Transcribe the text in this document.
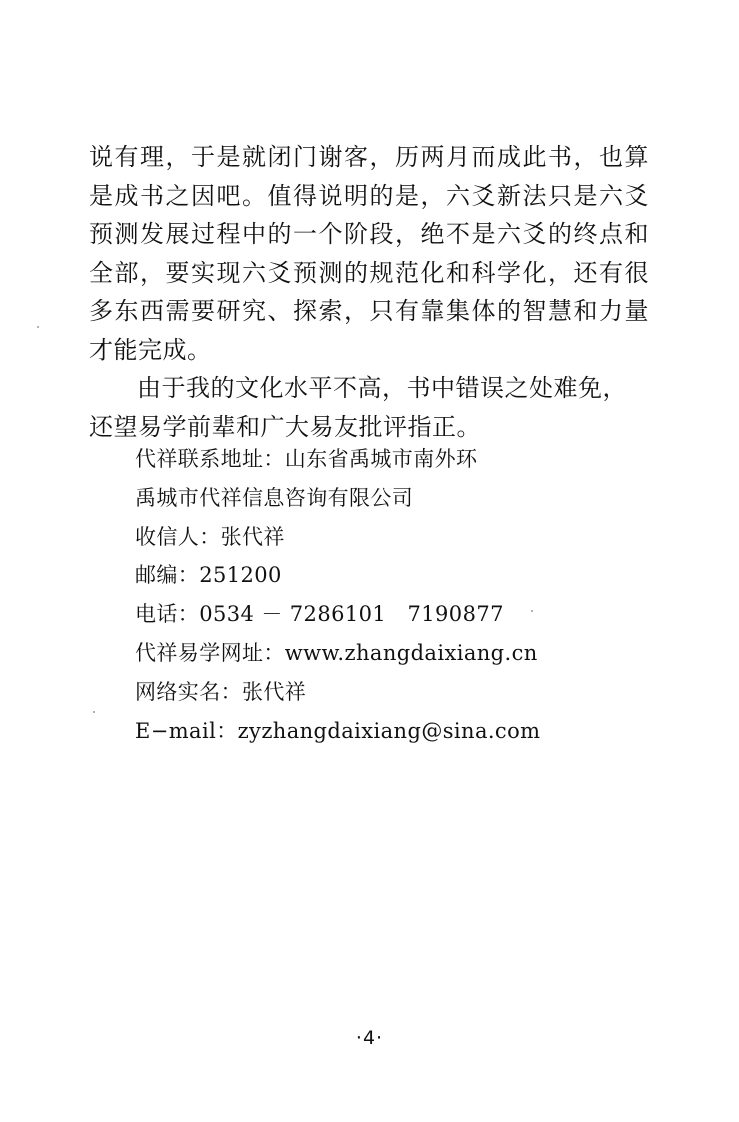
说有理，于是就闭门谢客，历两月而成此书，也算是成书之因吧。值得说明的是，六爻新法只是六爻预测发展过程中的一个阶段，绝不是六爻的终点和全部，要实现六爻预测的规范化和科学化，还有很多东西需要研究、探索，只有靠集体的智慧和力量才能完成。

由于我的文化水平不高，书中错误之处难免，还望易学前辈和广大易友批评指正。

代祥联系地址：山东省禹城市南外环
禹城市代祥信息咨询有限公司
收信人：张代祥
邮编：251200
电话：0534 － 7286101　7190877
代祥易学网址：www.zhangdaixiang.cn
网络实名：张代祥
E−mail：zyzhangdaixiang@sina.com
·4·
